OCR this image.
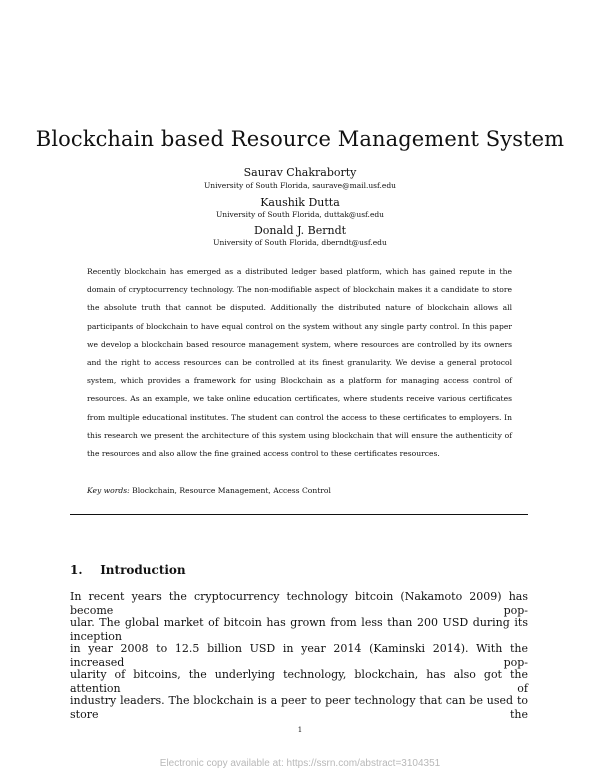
Blockchain based Resource Management System
Saurav Chakraborty
University of South Florida, saurave@mail.usf.edu
Kaushik Dutta
University of South Florida, duttak@usf.edu
Donald J. Berndt
University of South Florida, dberndt@usf.edu
Recently blockchain has emerged as a distributed ledger based platform, which has gained repute in the domain of cryptocurrency technology. The non-modifiable aspect of blockchain makes it a candidate to store the absolute truth that cannot be disputed. Additionally the distributed nature of blockchain allows all participants of blockchain to have equal control on the system without any single party control. In this paper we develop a blockchain based resource management system, where resources are controlled by its owners and the right to access resources can be controlled at its finest granularity. We devise a general protocol system, which provides a framework for using Blockchain as a platform for managing access control of resources. As an example, we take online education certificates, where students receive various certificates from multiple educational institutes. The student can control the access to these certificates to employers. In this research we present the architecture of this system using blockchain that will ensure the authenticity of the resources and also allow the fine grained access control to these certificates resources.
Key words: Blockchain, Resource Management, Access Control
1. Introduction
In recent years the cryptocurrency technology bitcoin (Nakamoto 2009) has become pop-
ular. The global market of bitcoin has grown from less than 200 USD during its inception
in year 2008 to 12.5 billion USD in year 2014 (Kaminski 2014). With the increased pop-
ularity of bitcoins, the underlying technology, blockchain, has also got the attention of
industry leaders. The blockchain is a peer to peer technology that can be used to store the
1
Electronic copy available at: https://ssrn.com/abstract=3104351
